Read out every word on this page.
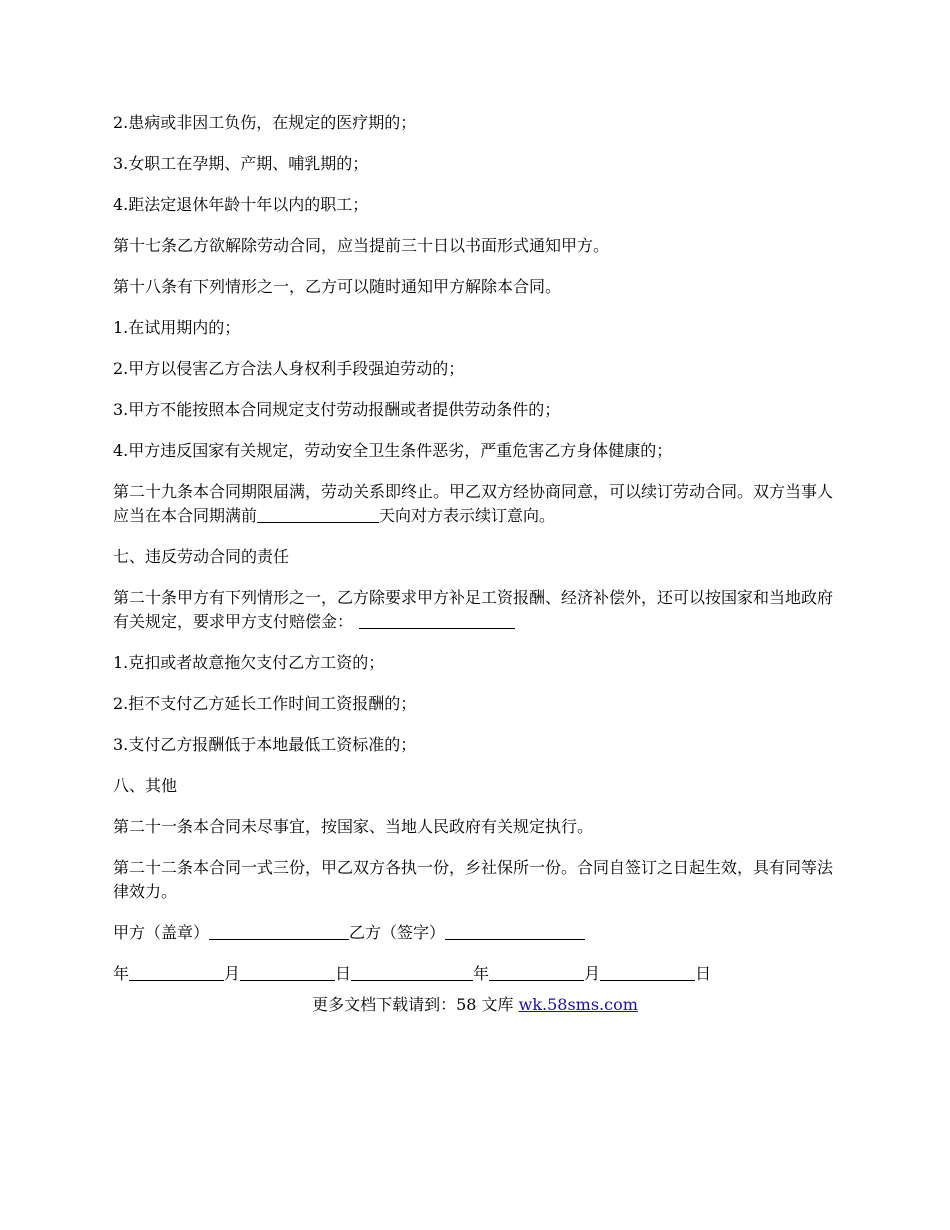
2.患病或非因工负伤，在规定的医疗期的；

3.女职工在孕期、产期、哺乳期的；

4.距法定退休年龄十年以内的职工；

第十七条乙方欲解除劳动合同，应当提前三十日以书面形式通知甲方。

第十八条有下列情形之一，乙方可以随时通知甲方解除本合同。

1.在试用期内的；

2.甲方以侵害乙方合法人身权利手段强迫劳动的；

3.甲方不能按照本合同规定支付劳动报酬或者提供劳动条件的；

4.甲方违反国家有关规定，劳动安全卫生条件恶劣，严重危害乙方身体健康的；

第二十九条本合同期限届满，劳动关系即终止。甲乙双方经协商同意，可以续订劳动合同。双方当事人应当在本合同期满前	天向对方表示续订意向。

七、违反劳动合同的责任

第二十条甲方有下列情形之一，乙方除要求甲方补足工资报酬、经济补偿外，还可以按国家和当地政府有关规定，要求甲方支付赔偿金：

1.克扣或者故意拖欠支付乙方工资的；

2.拒不支付乙方延长工作时间工资报酬的；

3.支付乙方报酬低于本地最低工资标准的；

八、其他

第二十一条本合同未尽事宜，按国家、当地人民政府有关规定执行。

第二十二条本合同一式三份，甲乙双方各执一份，乡社保所一份。合同自签订之日起生效，具有同等法律效力。

甲方（盖章）	乙方（签字）

年	月	日	年	月	日

更多文档下载请到：58 文库 wk.58sms.com
